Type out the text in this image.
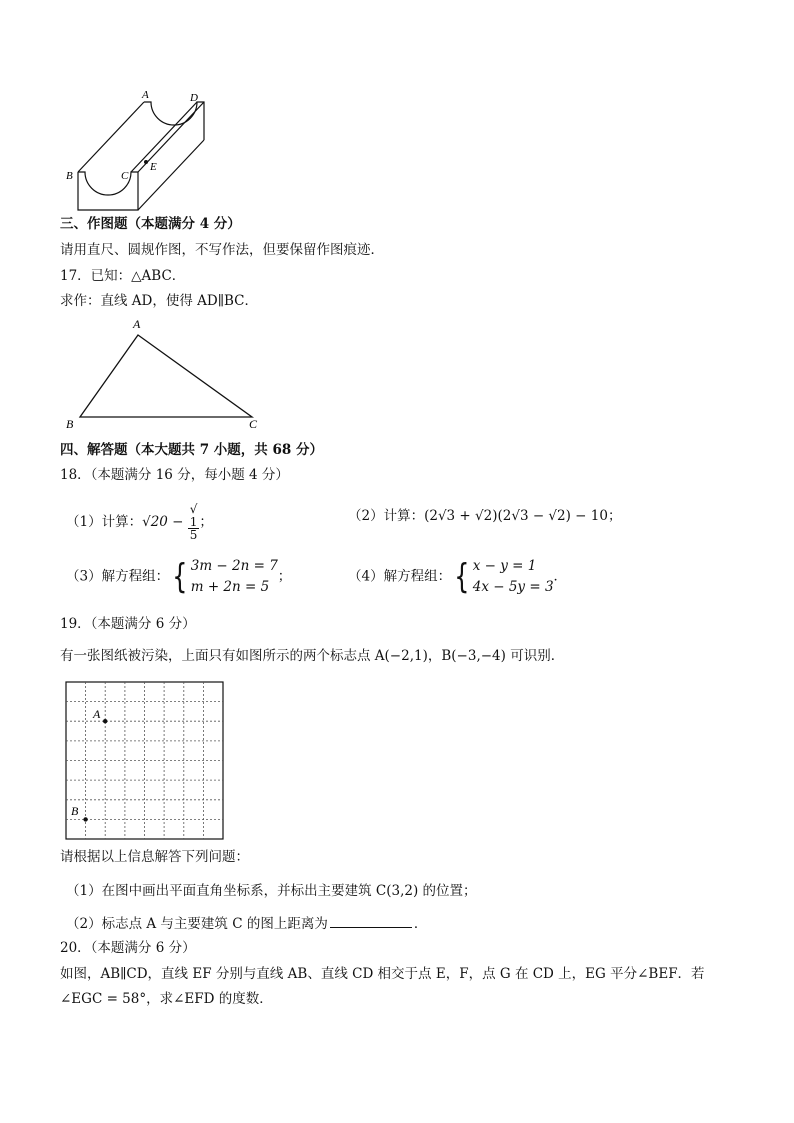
A	D
B	C
E
三、作图题（本题满分 4 分）
请用直尺、圆规作图，不写作法，但要保留作图痕迹．
17．已知：△ABC．
求作：直线 AD，使得 AD∥BC．
A
B	C
四、解答题（本大题共 7 小题，共 68 分）
18．（本题满分 16 分，每小题 4 分）
（1）计算：√20 − √
1
5
；	（2）计算：(2√3 + √2)(2√3 − √2) − 10；
（3）解方程组：{ 3m − 2n = 7
m + 2n = 5
；	（4）解方程组：{ x − y = 1
4x − 5y = 3
．
19．（本题满分 6 分）
有一张图纸被污染，上面只有如图所示的两个标志点 A(−2,1)，B(−3,−4) 可识别．
A
B
请根据以上信息解答下列问题：
（1）在图中画出平面直角坐标系，并标出主要建筑 C(3,2) 的位置；
（2）标志点 A 与主要建筑 C 的图上距离为	．
20．（本题满分 6 分）
如图，AB∥CD，直线 EF 分别与直线 AB、直线 CD 相交于点 E，F，点 G 在 CD 上，EG 平分∠BEF．若
∠EGC = 58°，求∠EFD 的度数．
